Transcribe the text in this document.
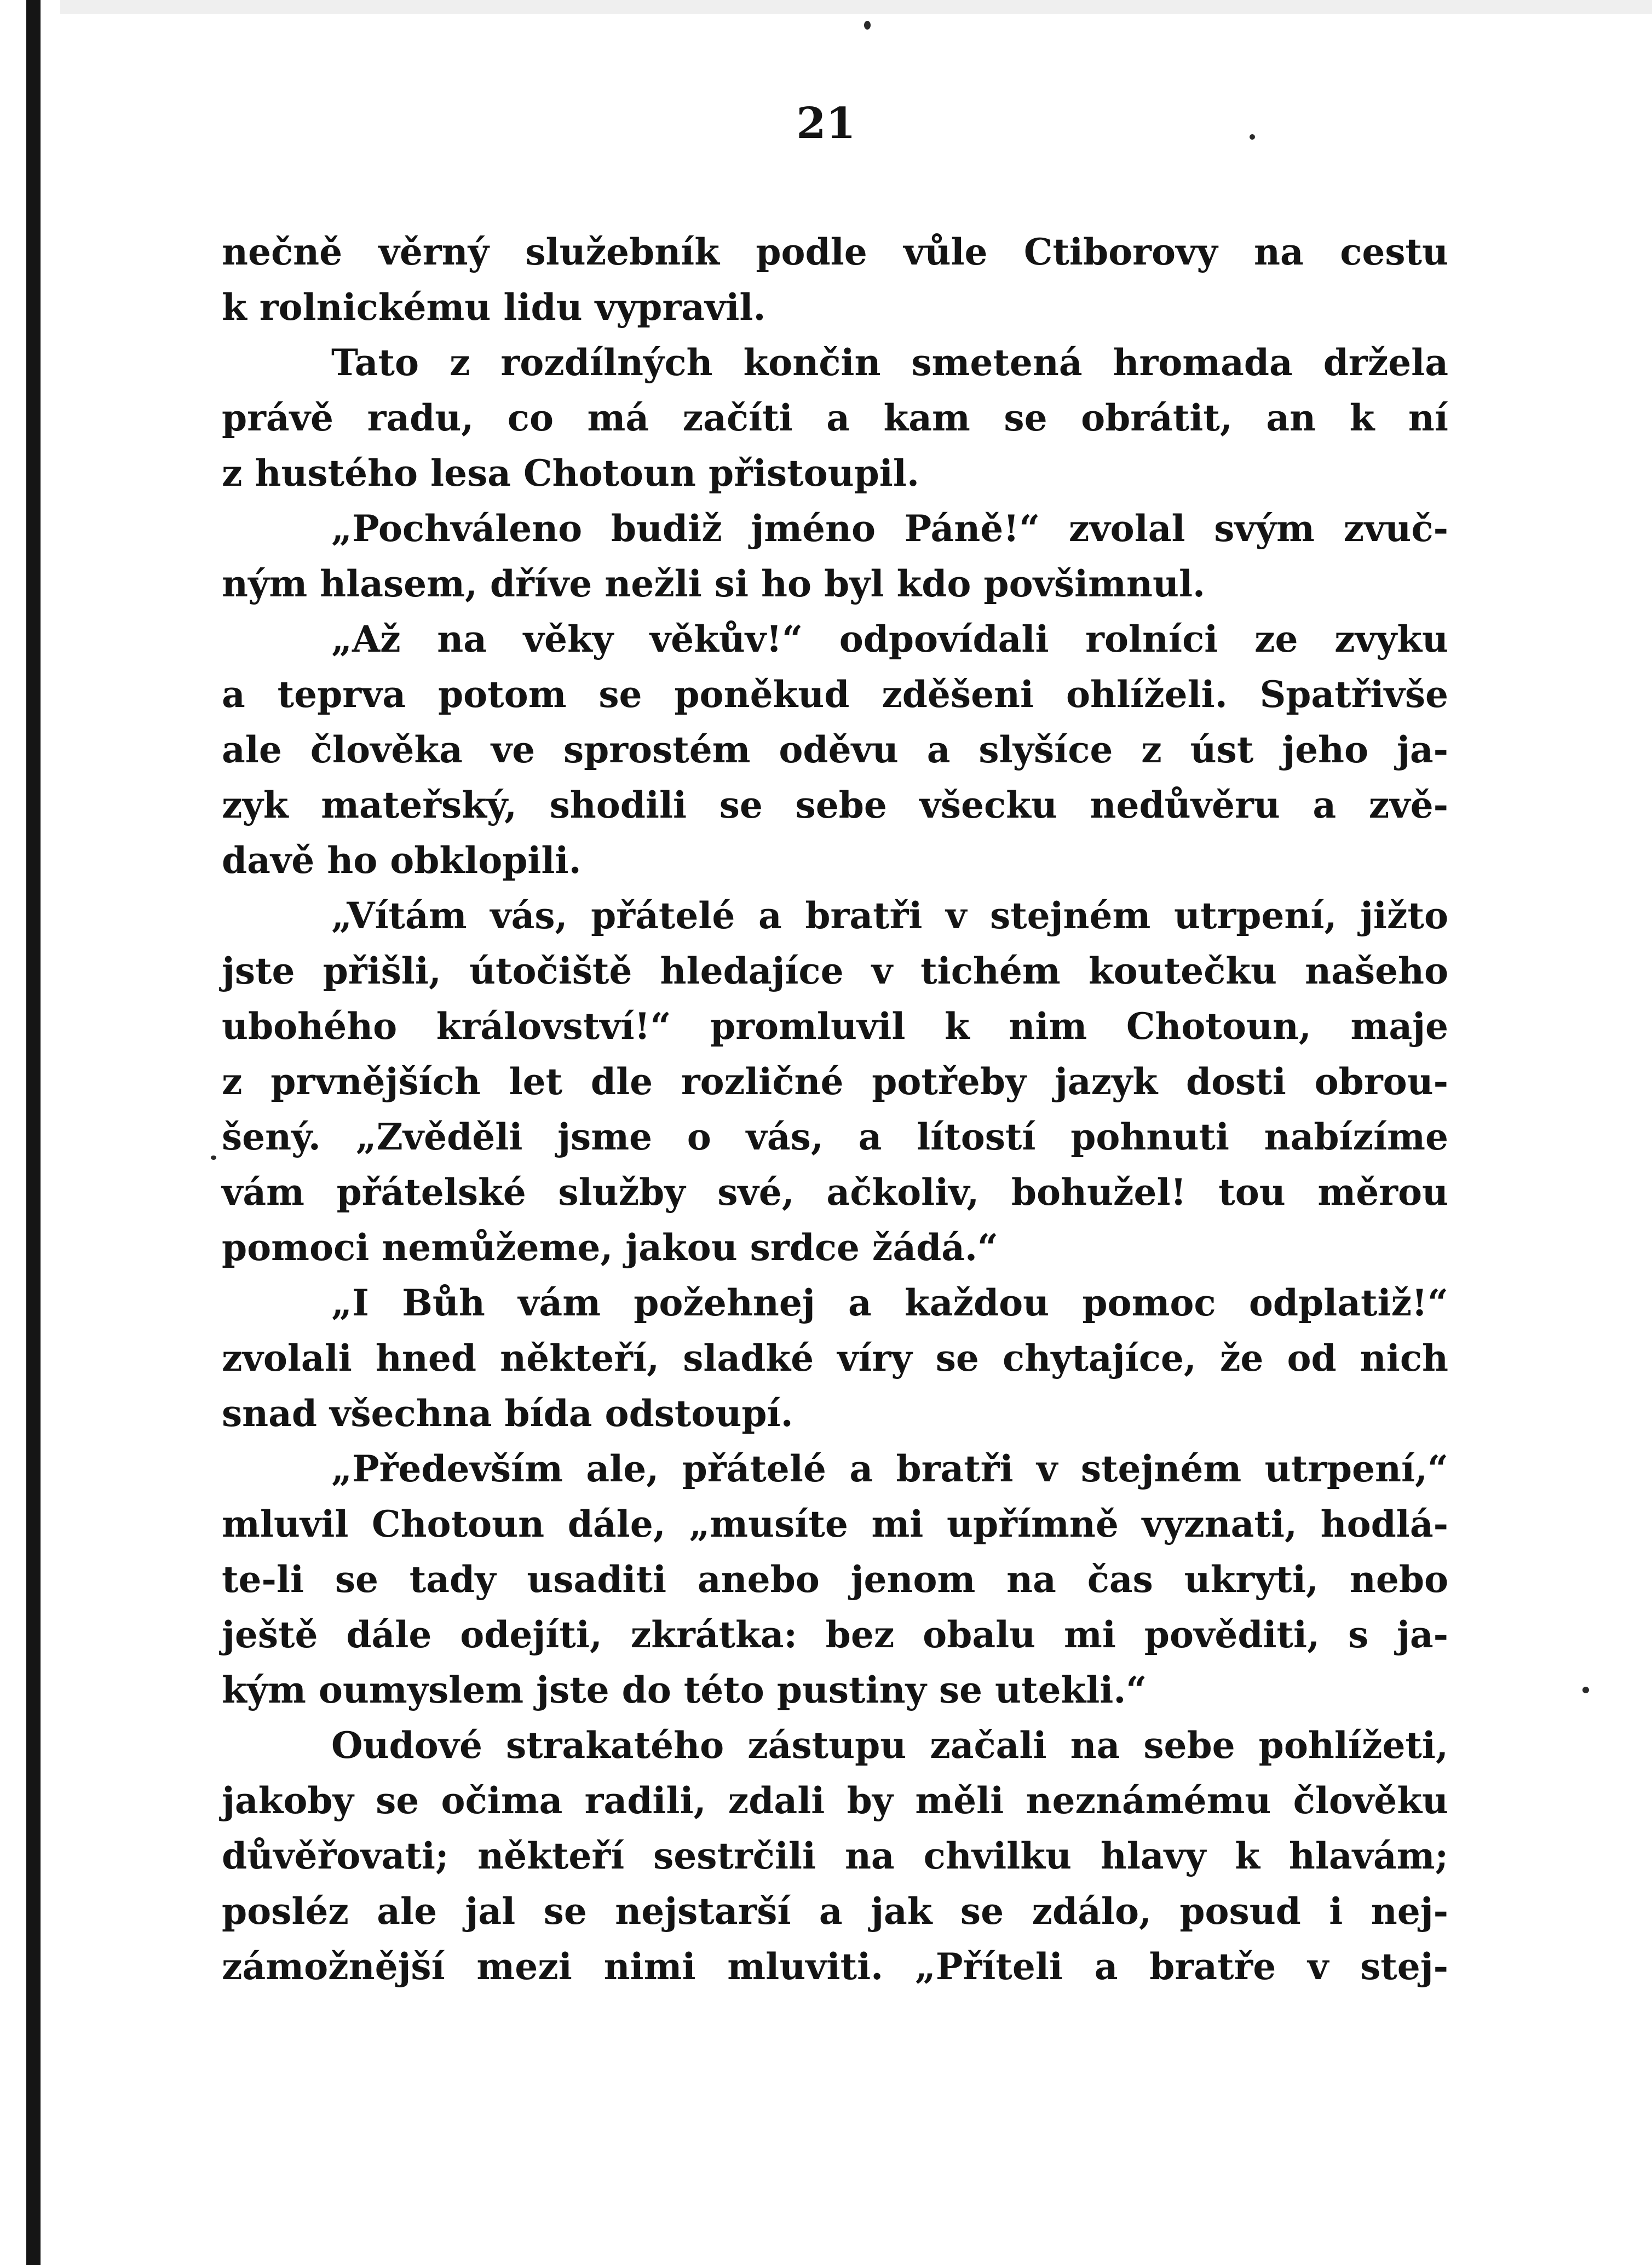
21
nečně věrný služebník podle vůle Ctiborovy na cestu
k rolnickému lidu vypravil.
Tato z rozdílných končin smetená hromada držela
právě radu, co má začíti a kam se obrátit, an k ní
z hustého lesa Chotoun přistoupil.
„Pochváleno budiž jméno Páně!“ zvolal svým zvuč-
ným hlasem, dříve nežli si ho byl kdo povšimnul.
„Až na věky věkův!“ odpovídali rolníci ze zvyku
a teprva potom se poněkud zděšeni ohlíželi. Spatřivše
ale člověka ve sprostém oděvu a slyšíce z úst jeho ja-
zyk mateřský, shodili se sebe všecku nedůvěru a zvě-
davě ho obklopili.
„Vítám vás, přátelé a bratři v stejném utrpení, jižto
jste přišli, útočiště hledajíce v tichém koutečku našeho
ubohého království!“ promluvil k nim Chotoun, maje
z prvnějších let dle rozličné potřeby jazyk dosti obrou-
šený. „Zvěděli jsme o vás, a lítostí pohnuti nabízíme
vám přátelské služby své, ačkoliv, bohužel! tou měrou
pomoci nemůžeme, jakou srdce žádá.“
„I Bůh vám požehnej a každou pomoc odplatiž!“
zvolali hned někteří, sladké víry se chytajíce, že od nich
snad všechna bída odstoupí.
„Především ale, přátelé a bratři v stejném utrpení,“
mluvil Chotoun dále, „musíte mi upřímně vyznati, hodlá-
te-li se tady usaditi anebo jenom na čas ukryti, nebo
ještě dále odejíti, zkrátka: bez obalu mi pověditi, s ja-
kým oumyslem jste do této pustiny se utekli.“
Oudové strakatého zástupu začali na sebe pohlížeti,
jakoby se očima radili, zdali by měli neznámému člověku
důvěřovati; někteří sestrčili na chvilku hlavy k hlavám;
posléz ale jal se nejstarší a jak se zdálo, posud i nej-
zámožnější mezi nimi mluviti. „Příteli a bratře v stej-
